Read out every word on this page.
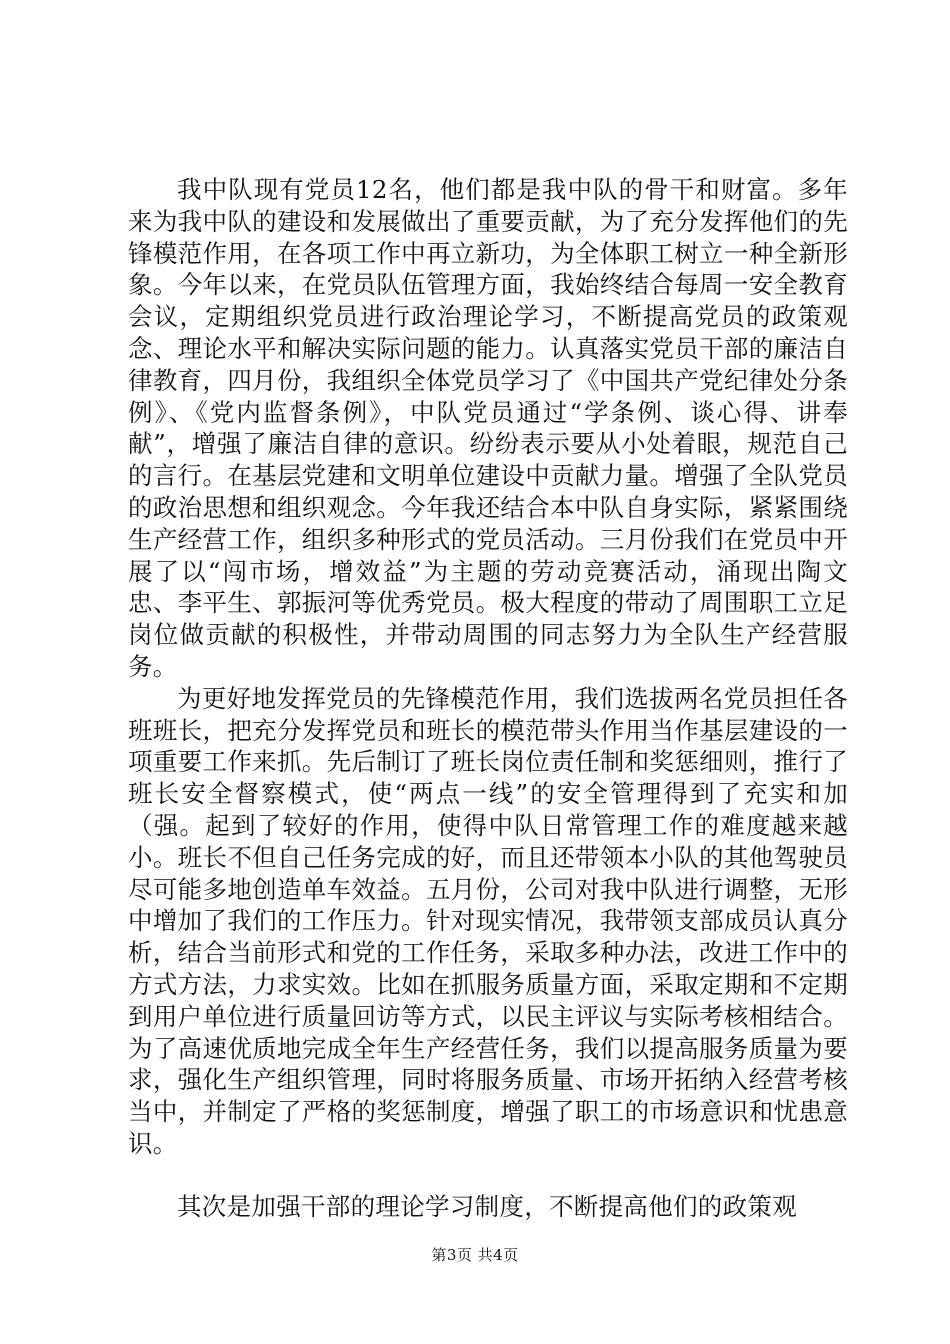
我中队现有党员12名，他们都是我中队的骨干和财富。多年来为我中队的建设和发展做出了重要贡献，为了充分发挥他们的先锋模范作用，在各项工作中再立新功，为全体职工树立一种全新形象。今年以来，在党员队伍管理方面，我始终结合每周一安全教育会议，定期组织党员进行政治理论学习，不断提高党员的政策观念、理论水平和解决实际问题的能力。认真落实党员干部的廉洁自律教育，四月份，我组织全体党员学习了《中国共产党纪律处分条例》、《党内监督条例》，中队党员通过“学条例、谈心得、讲奉献”，增强了廉洁自律的意识。纷纷表示要从小处着眼，规范自己的言行。在基层党建和文明单位建设中贡献力量。增强了全队党员的政治思想和组织观念。今年我还结合本中队自身实际，紧紧围绕生产经营工作，组织多种形式的党员活动。三月份我们在党员中开展了以“闯市场，增效益”为主题的劳动竞赛活动，涌现出陶文忠、李平生、郭振河等优秀党员。极大程度的带动了周围职工立足岗位做贡献的积极性，并带动周围的同志努力为全队生产经营服务。

为更好地发挥党员的先锋模范作用，我们选拔两名党员担任各班班长，把充分发挥党员和班长的模范带头作用当作基层建设的一项重要工作来抓。先后制订了班长岗位责任制和奖惩细则，推行了班长安全督察模式，使“两点一线”的安全管理得到了充实和加（强。起到了较好的作用，使得中队日常管理工作的难度越来越小。班长不但自己任务完成的好，而且还带领本小队的其他驾驶员尽可能多地创造单车效益。五月份，公司对我中队进行调整，无形中增加了我们的工作压力。针对现实情况，我带领支部成员认真分析，结合当前形式和党的工作任务，采取多种办法，改进工作中的方式方法，力求实效。比如在抓服务质量方面，采取定期和不定期到用户单位进行质量回访等方式，以民主评议与实际考核相结合。为了高速优质地完成全年生产经营任务，我们以提高服务质量为要求，强化生产组织管理，同时将服务质量、市场开拓纳入经营考核当中，并制定了严格的奖惩制度，增强了职工的市场意识和忧患意识。

其次是加强干部的理论学习制度，不断提高他们的政策观

第3页 共4页
